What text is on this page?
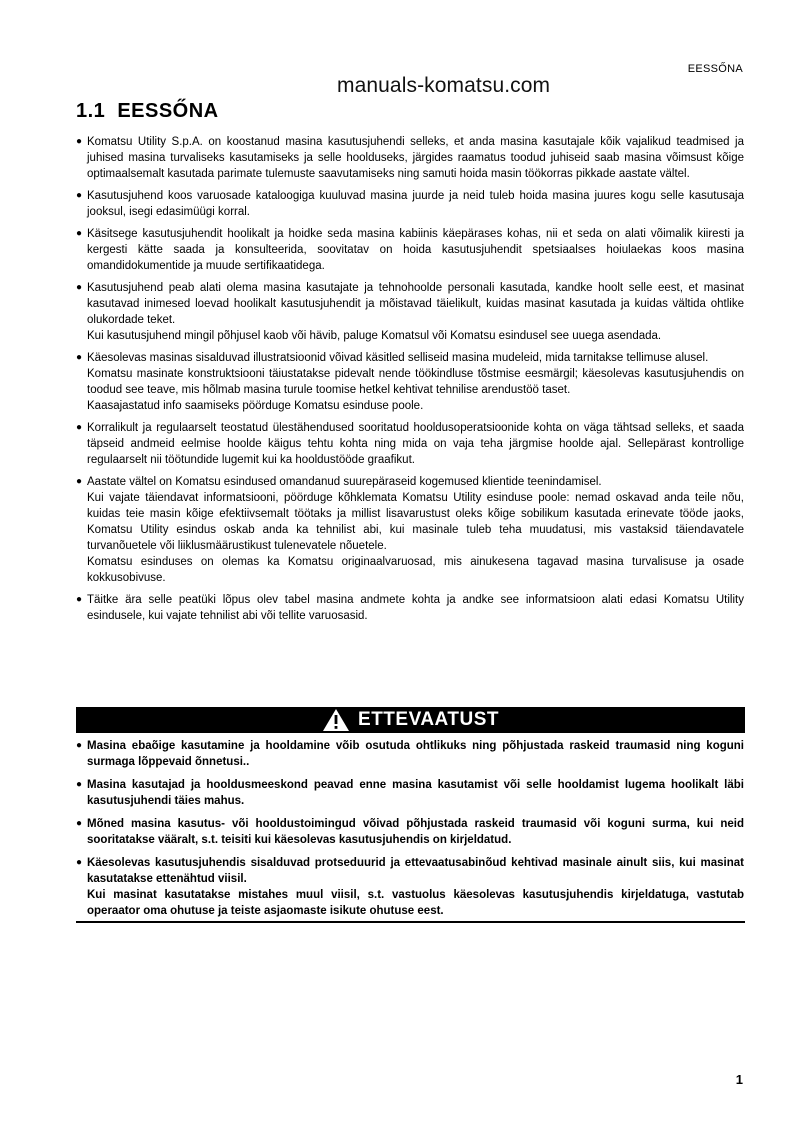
EESSŐNA
manuals-komatsu.com
1.1 EESSŐNA
● Komatsu Utility S.p.A. on koostanud masina kasutusjuhendi selleks, et anda masina kasutajale kõik vajalikud teadmised ja juhised masina turvaliseks kasutamiseks ja selle hoolduseks, järgides raamatus toodud juhiseid saab masina võimsust kõige optimaalsemalt kasutada parimate tulemuste saavutamiseks ning samuti hoida masin töökorras pikkade aastate vältel.
● Kasutusjuhend koos varuosade kataloogiga kuuluvad masina juurde ja neid tuleb hoida masina juures kogu selle kasutusaja jooksul, isegi edasimüügi korral.
● Käsitsege kasutusjuhendit hoolikalt ja hoidke seda masina kabiinis käepärases kohas, nii et seda on alati võimalik kiiresti ja kergesti kätte saada ja konsulteerida, soovitatav on hoida kasutusjuhendit spetsiaalses hoiulaekas koos masina omandidokumentide ja muude sertifikaatidega.
● Kasutusjuhend peab alati olema masina kasutajate ja tehnohoolde personali kasutada, kandke hoolt selle eest, et masinat kasutavad inimesed loevad hoolikalt kasutusjuhendit ja mõistavad täielikult, kuidas masinat kasutada ja kuidas vältida ohtlike olukordade teket.
Kui kasutusjuhend mingil põhjusel kaob või hävib, paluge Komatsul või Komatsu esindusel see uuega asendada.
● Käesolevas masinas sisalduvad illustratsioonid võivad käsitled selliseid masina mudeleid, mida tarnitakse tellimuse alusel.
Komatsu masinate konstruktsiooni täiustatakse pidevalt nende töökindluse tõstmise eesmärgil; käesolevas kasutusjuhendis on toodud see teave, mis hõlmab masina turule toomise hetkel kehtivat tehnilise arendustöö taset.
Kaasajastatud info saamiseks pöörduge Komatsu esinduse poole.
● Korralikult ja regulaarselt teostatud ülestähendused sooritatud hooldusoperatsioonide kohta on väga tähtsad selleks, et saada täpseid andmeid eelmise hoolde käigus tehtu kohta ning mida on vaja teha järgmise hoolde ajal. Sellepärast kontrollige regulaarselt nii töötundide lugemit kui ka hooldustööde graafikut.
● Aastate vältel on Komatsu esindused omandanud suurepäraseid kogemused klientide teenindamisel.
Kui vajate täiendavat informatsiooni, pöörduge kõhklemata Komatsu Utility esinduse poole: nemad oskavad anda teile nõu, kuidas teie masin kõige efektiivsemalt töötaks ja millist lisavarustust oleks kõige sobilikum kasutada erinevate tööde jaoks, Komatsu Utility esindus oskab anda ka tehnilist abi, kui masinale tuleb teha muudatusi, mis vastaksid täiendavatele turvanõuetele või liiklusmäärustikust tulenevatele nõuetele.
Komatsu esinduses on olemas ka Komatsu originaalvaruosad, mis ainukesena tagavad masina turvalisuse ja osade kokkusobivuse.
● Täitke ära selle peatüki lõpus olev tabel masina andmete kohta ja andke see informatsioon alati edasi Komatsu Utility esindusele, kui vajate tehnilist abi või tellite varuosasid.
ETTEVAATUST
● Masina ebaõige kasutamine ja hooldamine võib osutuda ohtlikuks ning põhjustada raskeid traumasid ning koguni surmaga lõppevaid õnnetusi..
● Masina kasutajad ja hooldusmeeskond peavad enne masina kasutamist või selle hooldamist lugema hoolikalt läbi kasutusjuhendi täies mahus.
● Mõned masina kasutus- või hooldustoimingud võivad põhjustada raskeid traumasid või koguni surma, kui neid sooritatakse vääralt, s.t. teisiti kui käesolevas kasutusjuhendis on kirjeldatud.
● Käesolevas kasutusjuhendis sisalduvad protseduurid ja ettevaatusabinõud kehtivad masinale ainult siis, kui masinat kasutatakse ettenähtud viisil.
Kui masinat kasutatakse mistahes muul viisil, s.t. vastuolus käesolevas kasutusjuhendis kirjeldatuga, vastutab operaator oma ohutuse ja teiste asjaomaste isikute ohutuse eest.
1
